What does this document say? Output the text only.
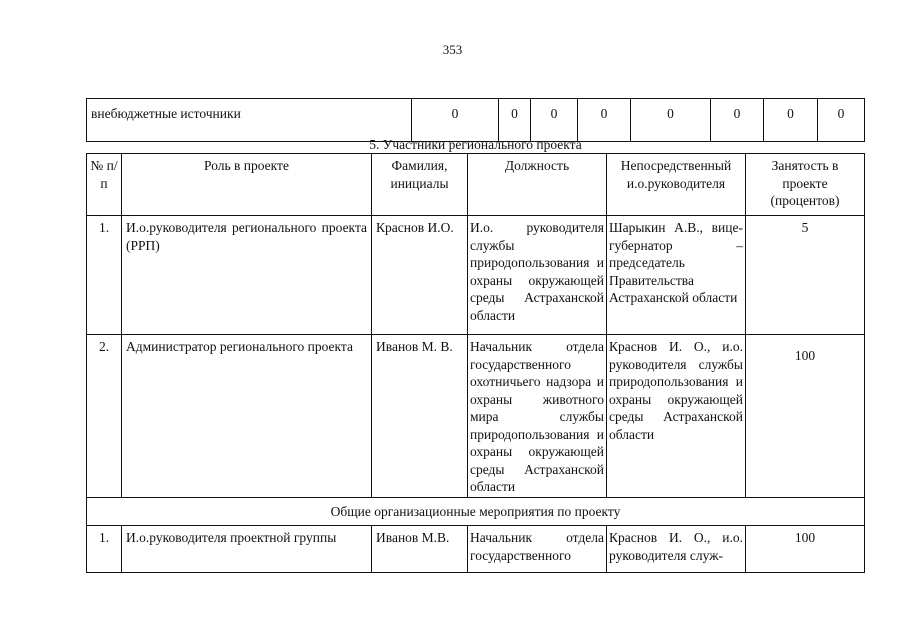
353
внебюджетные источники	0	0	0	0	0	0	0	0
5. Участники регионального проекта					
№ п/п	Роль в проекте	Фамилия, инициалы	Должность	Непосредственный и.о.руководителя	Занятость в проекте (процентов)
1.	И.о.руководителя регионального проекта (РРП)	Краснов И.О.	И.о. руководителя службы природопользования и охраны окружающей среды Астраханской области	Шарыкин А.В., вице-губернатор – председатель Правительства Астраханской области	5
2.	Администратор регионального проекта	Иванов М. В.	Начальник отдела государственного охотничьего надзора и охраны животного мира службы природопользования и охраны окружающей среды Астраханской области	Краснов И. О., и.о. руководителя службы природопользования и охраны окружающей среды Астраханской области	100
Общие организационные мероприятия по проекту					
1.	И.о.руководителя проектной группы	Иванов М.В.	Начальник отдела государственного	Краснов И. О., и.о. руководителя служ-	100
